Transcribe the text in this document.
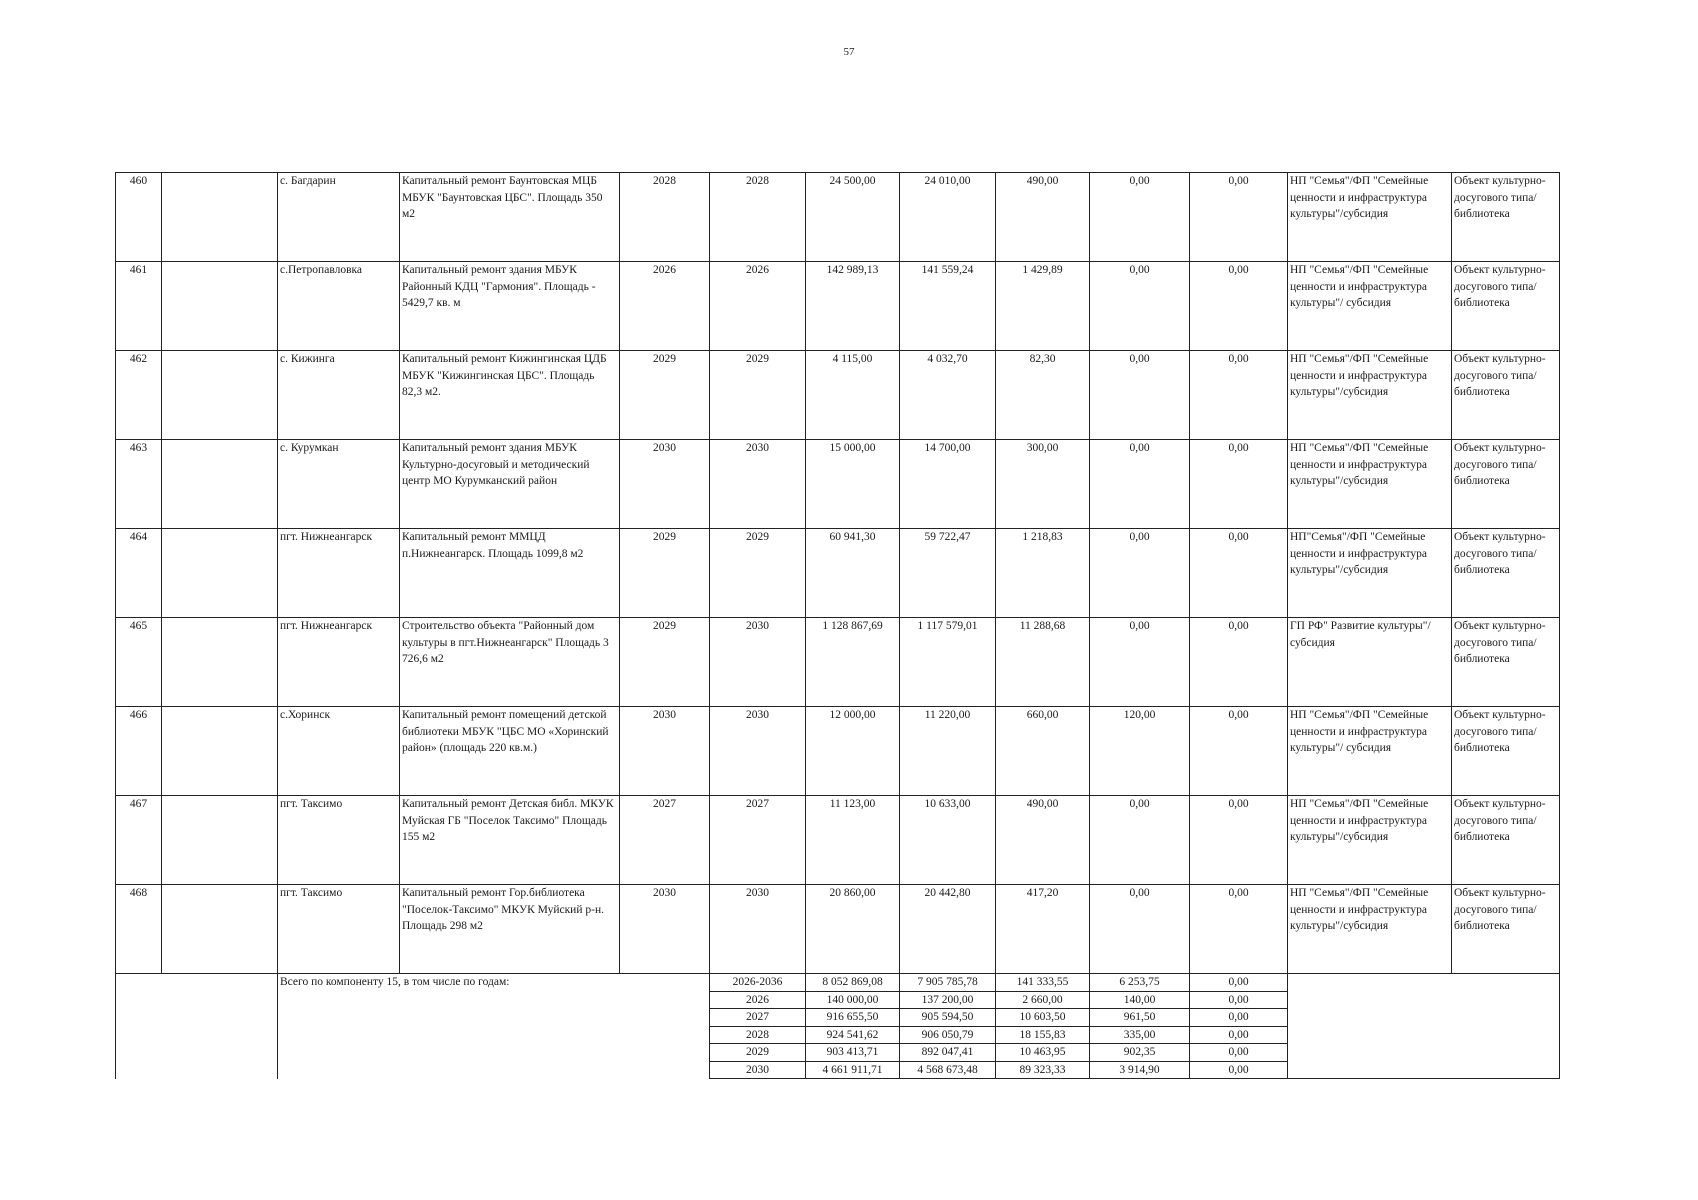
57
460		с. Багдарин	Капитальный ремонт Баунтовская МЦБ МБУК "Баунтовская ЦБС". Площадь 350 м2	2028	2028	24 500,00	24 010,00	490,00	0,00	0,00	НП "Семья"/ФП "Семейные ценности и инфраструктура культуры"/субсидия	Объект культурно-досугового типа/библиотека
461		с.Петропавловка	Капитальный ремонт здания МБУК Районный КДЦ "Гармония". Площадь - 5429,7 кв. м	2026	2026	142 989,13	141 559,24	1 429,89	0,00	0,00	НП "Семья"/ФП "Семейные ценности и инфраструктура культуры"/ субсидия	Объект культурно-досугового типа/библиотека
462		с. Кижинга	Капитальный ремонт Кижингинская ЦДБ МБУК "Кижингинская ЦБС". Площадь 82,3 м2.	2029	2029	4 115,00	4 032,70	82,30	0,00	0,00	НП "Семья"/ФП "Семейные ценности и инфраструктура культуры"/субсидия	Объект культурно-досугового типа/библиотека
463		с. Курумкан	Капитальный ремонт здания МБУК Культурно-досуговый и методический центр МО Курумканский район	2030	2030	15 000,00	14 700,00	300,00	0,00	0,00	НП "Семья"/ФП "Семейные ценности и инфраструктура культуры"/субсидия	Объект культурно-досугового типа/библиотека
464		пгт. Нижнеангарск	Капитальный ремонт ММЦД п.Нижнеангарск. Площадь 1099,8 м2	2029	2029	60 941,30	59 722,47	1 218,83	0,00	0,00	НП"Семья"/ФП "Семейные ценности и инфраструктура культуры"/субсидия	Объект культурно-досугового типа/библиотека
465		пгт. Нижнеангарск	Строительство объекта "Районный дом культуры в пгт.Нижнеангарск" Площадь 3 726,6 м2	2029	2030	1 128 867,69	1 117 579,01	11 288,68	0,00	0,00	ГП РФ" Развитие культуры"/субсидия	Объект культурно-досугового типа/библиотека
466		с.Хоринск	Капитальный ремонт помещений детской библиотеки МБУК "ЦБС МО «Хоринский район» (площадь 220 кв.м.)	2030	2030	12 000,00	11 220,00	660,00	120,00	0,00	НП "Семья"/ФП "Семейные ценности и инфраструктура культуры"/ субсидия	Объект культурно-досугового типа/библиотека
467		пгт. Таксимо	Капитальный ремонт Детская библ. МКУК Муйская ГБ "Поселок Таксимо" Площадь 155 м2	2027	2027	11 123,00	10 633,00	490,00	0,00	0,00	НП "Семья"/ФП "Семейные ценности и инфраструктура культуры"/субсидия	Объект культурно-досугового типа/библиотека
468		пгт. Таксимо	Капитальный ремонт Гор.библиотека "Поселок-Таксимо" МКУК Муйский р-н. Площадь 298 м2	2030	2030	20 860,00	20 442,80	417,20	0,00	0,00	НП "Семья"/ФП "Семейные ценности и инфраструктура культуры"/субсидия	Объект культурно-досугового типа/библиотека
		Всего по компоненту 15, в том числе по годам:			2026-2036	8 052 869,08	7 905 785,78	141 333,55	6 253,75	0,00		
					2026	140 000,00	137 200,00	2 660,00	140,00	0,00		
					2027	916 655,50	905 594,50	10 603,50	961,50	0,00		
					2028	924 541,62	906 050,79	18 155,83	335,00	0,00		
					2029	903 413,71	892 047,41	10 463,95	902,35	0,00		
					2030	4 661 911,71	4 568 673,48	89 323,33	3 914,90	0,00		
